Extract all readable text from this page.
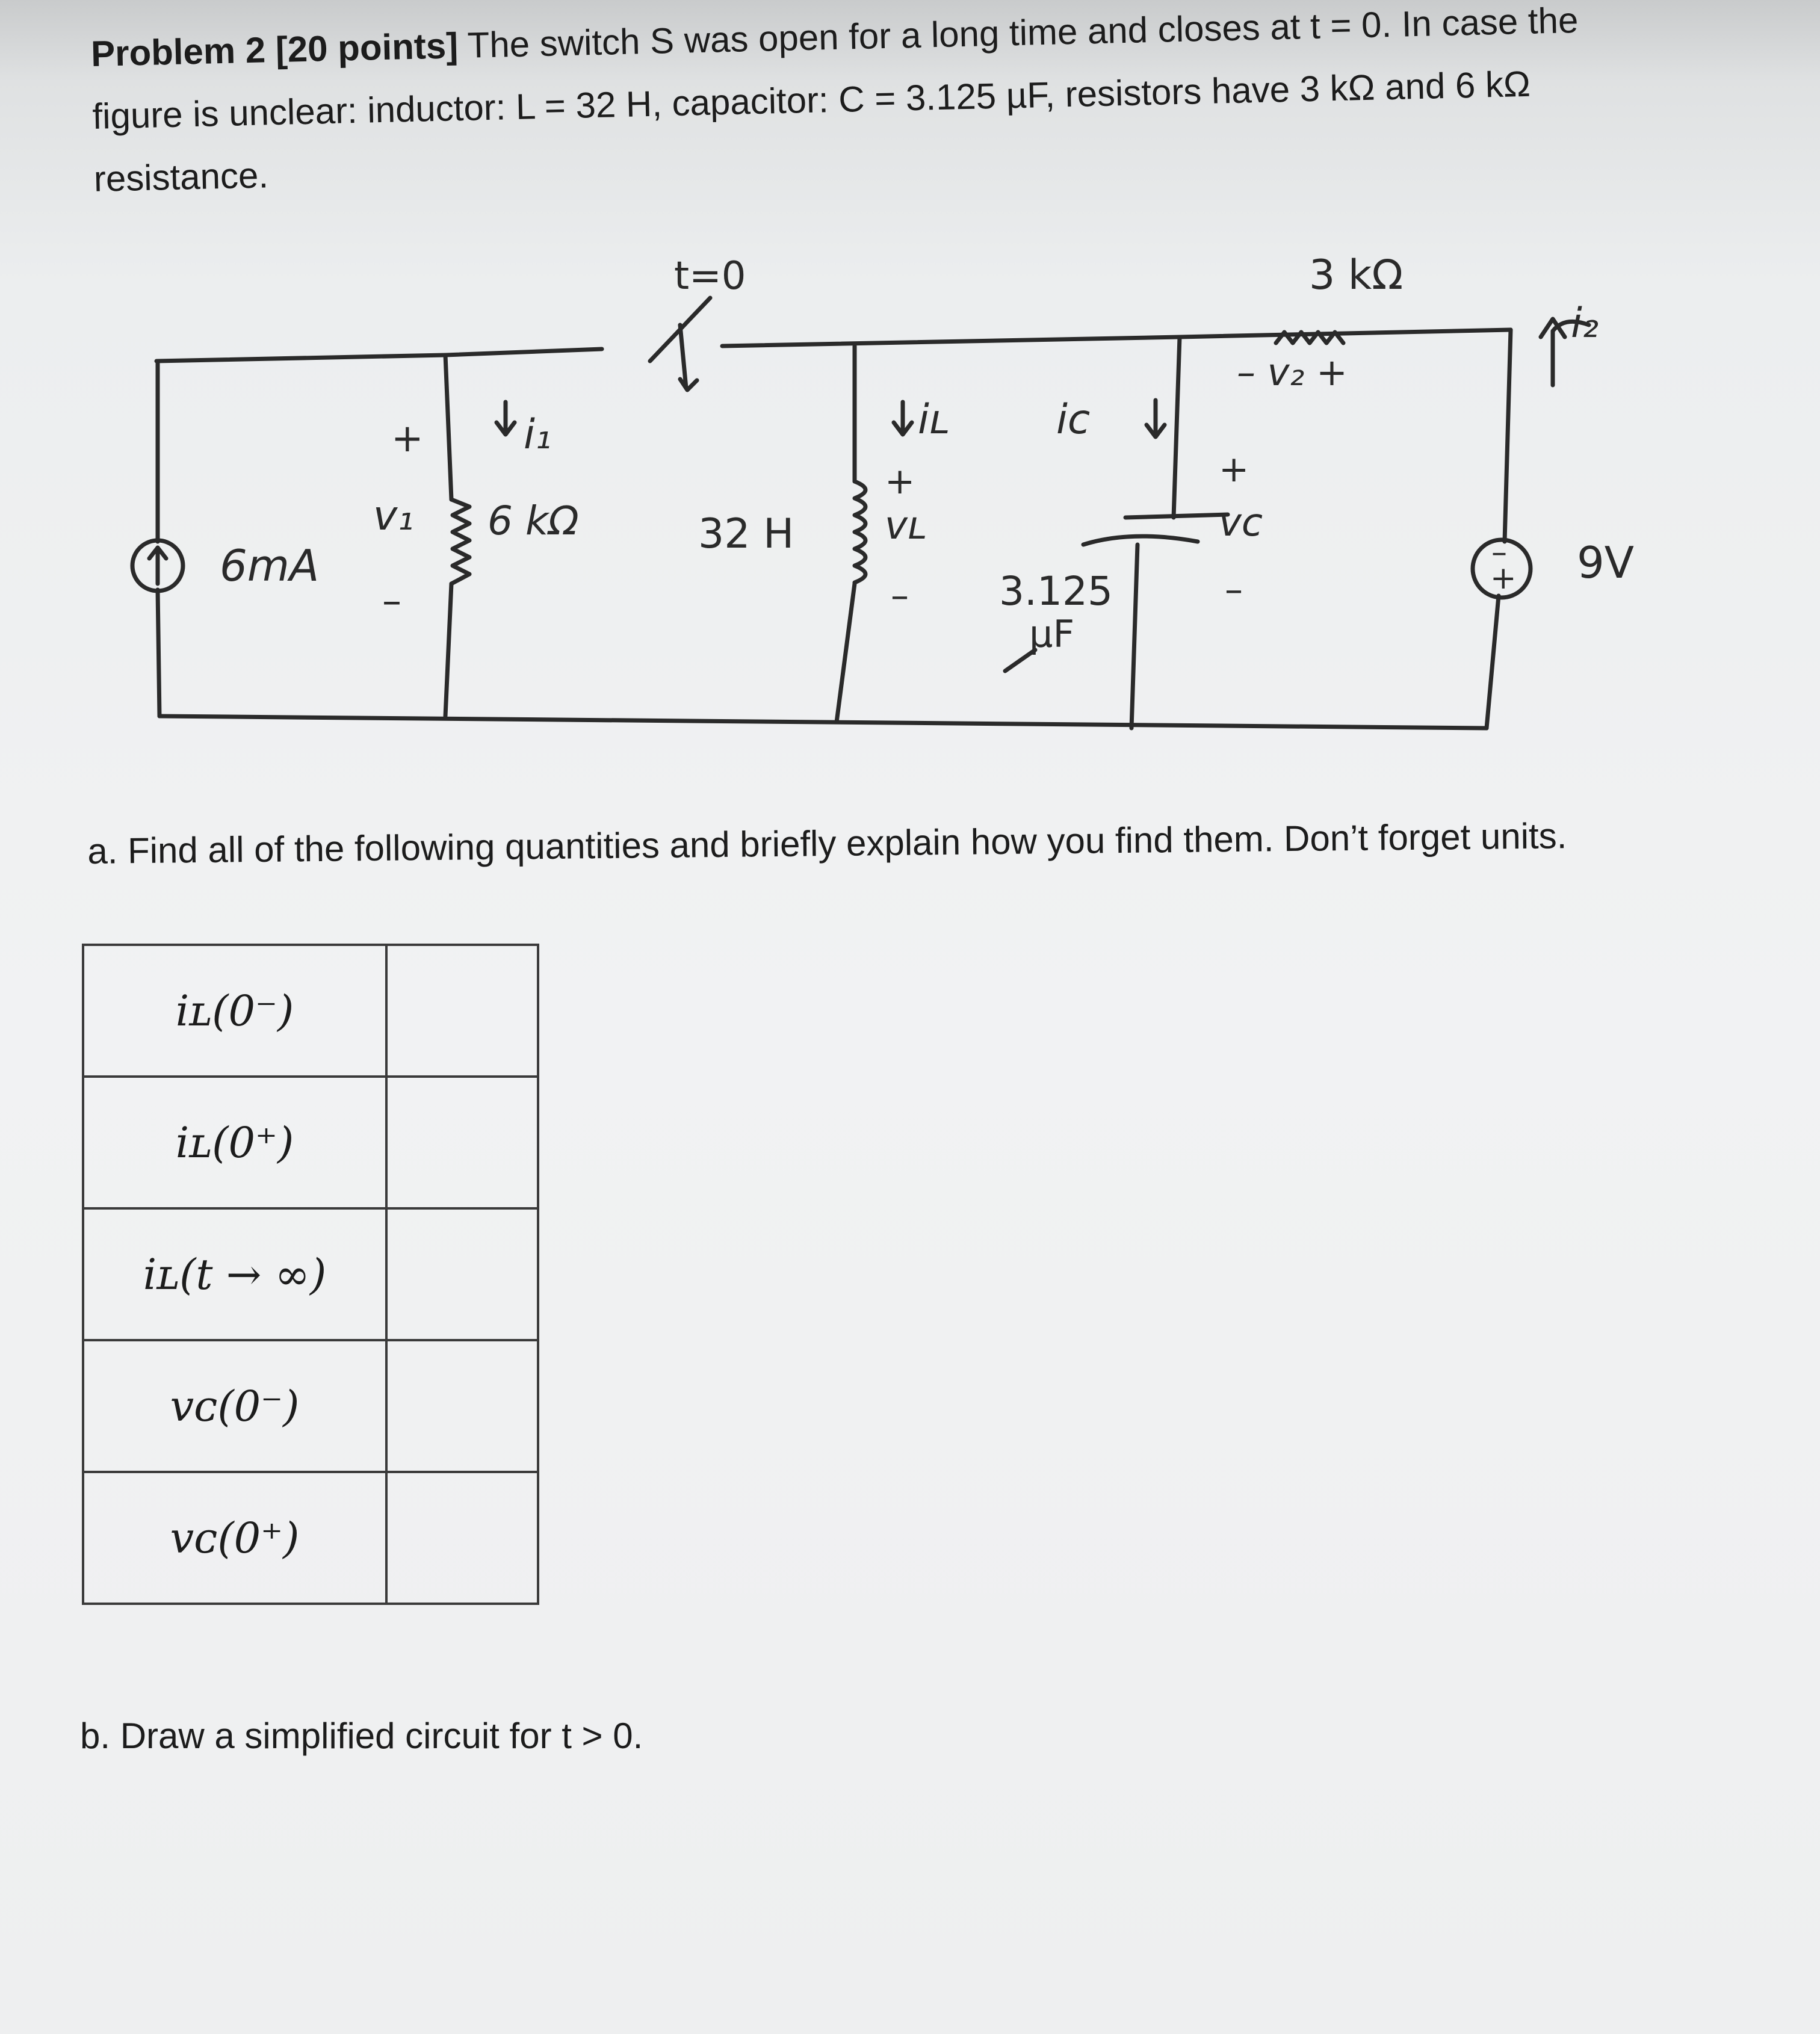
Problem 2 [20 points] The switch S was open for a long time and closes at t = 0. In case the

figure is unclear: inductor: L = 32 H, capacitor: C = 3.125 µF, resistors have 3 kΩ and 6 kΩ

resistance.

t=0
6mA
+
v₁
–
i₁
6 kΩ	32 H
iʟ
+
vʟ
–
iᴄ
3.125
µF
+
vᴄ
–
3 kΩ
– v₂ +
i₂
9V
–
+
a. Find all of the following quantities and briefly explain how you find them. Don’t forget units.
iʟ(0⁻)	
iʟ(0⁺)	
iʟ(t → ∞)	
vᴄ(0⁻)	
vᴄ(0⁺)	
b. Draw a simplified circuit for t > 0.
